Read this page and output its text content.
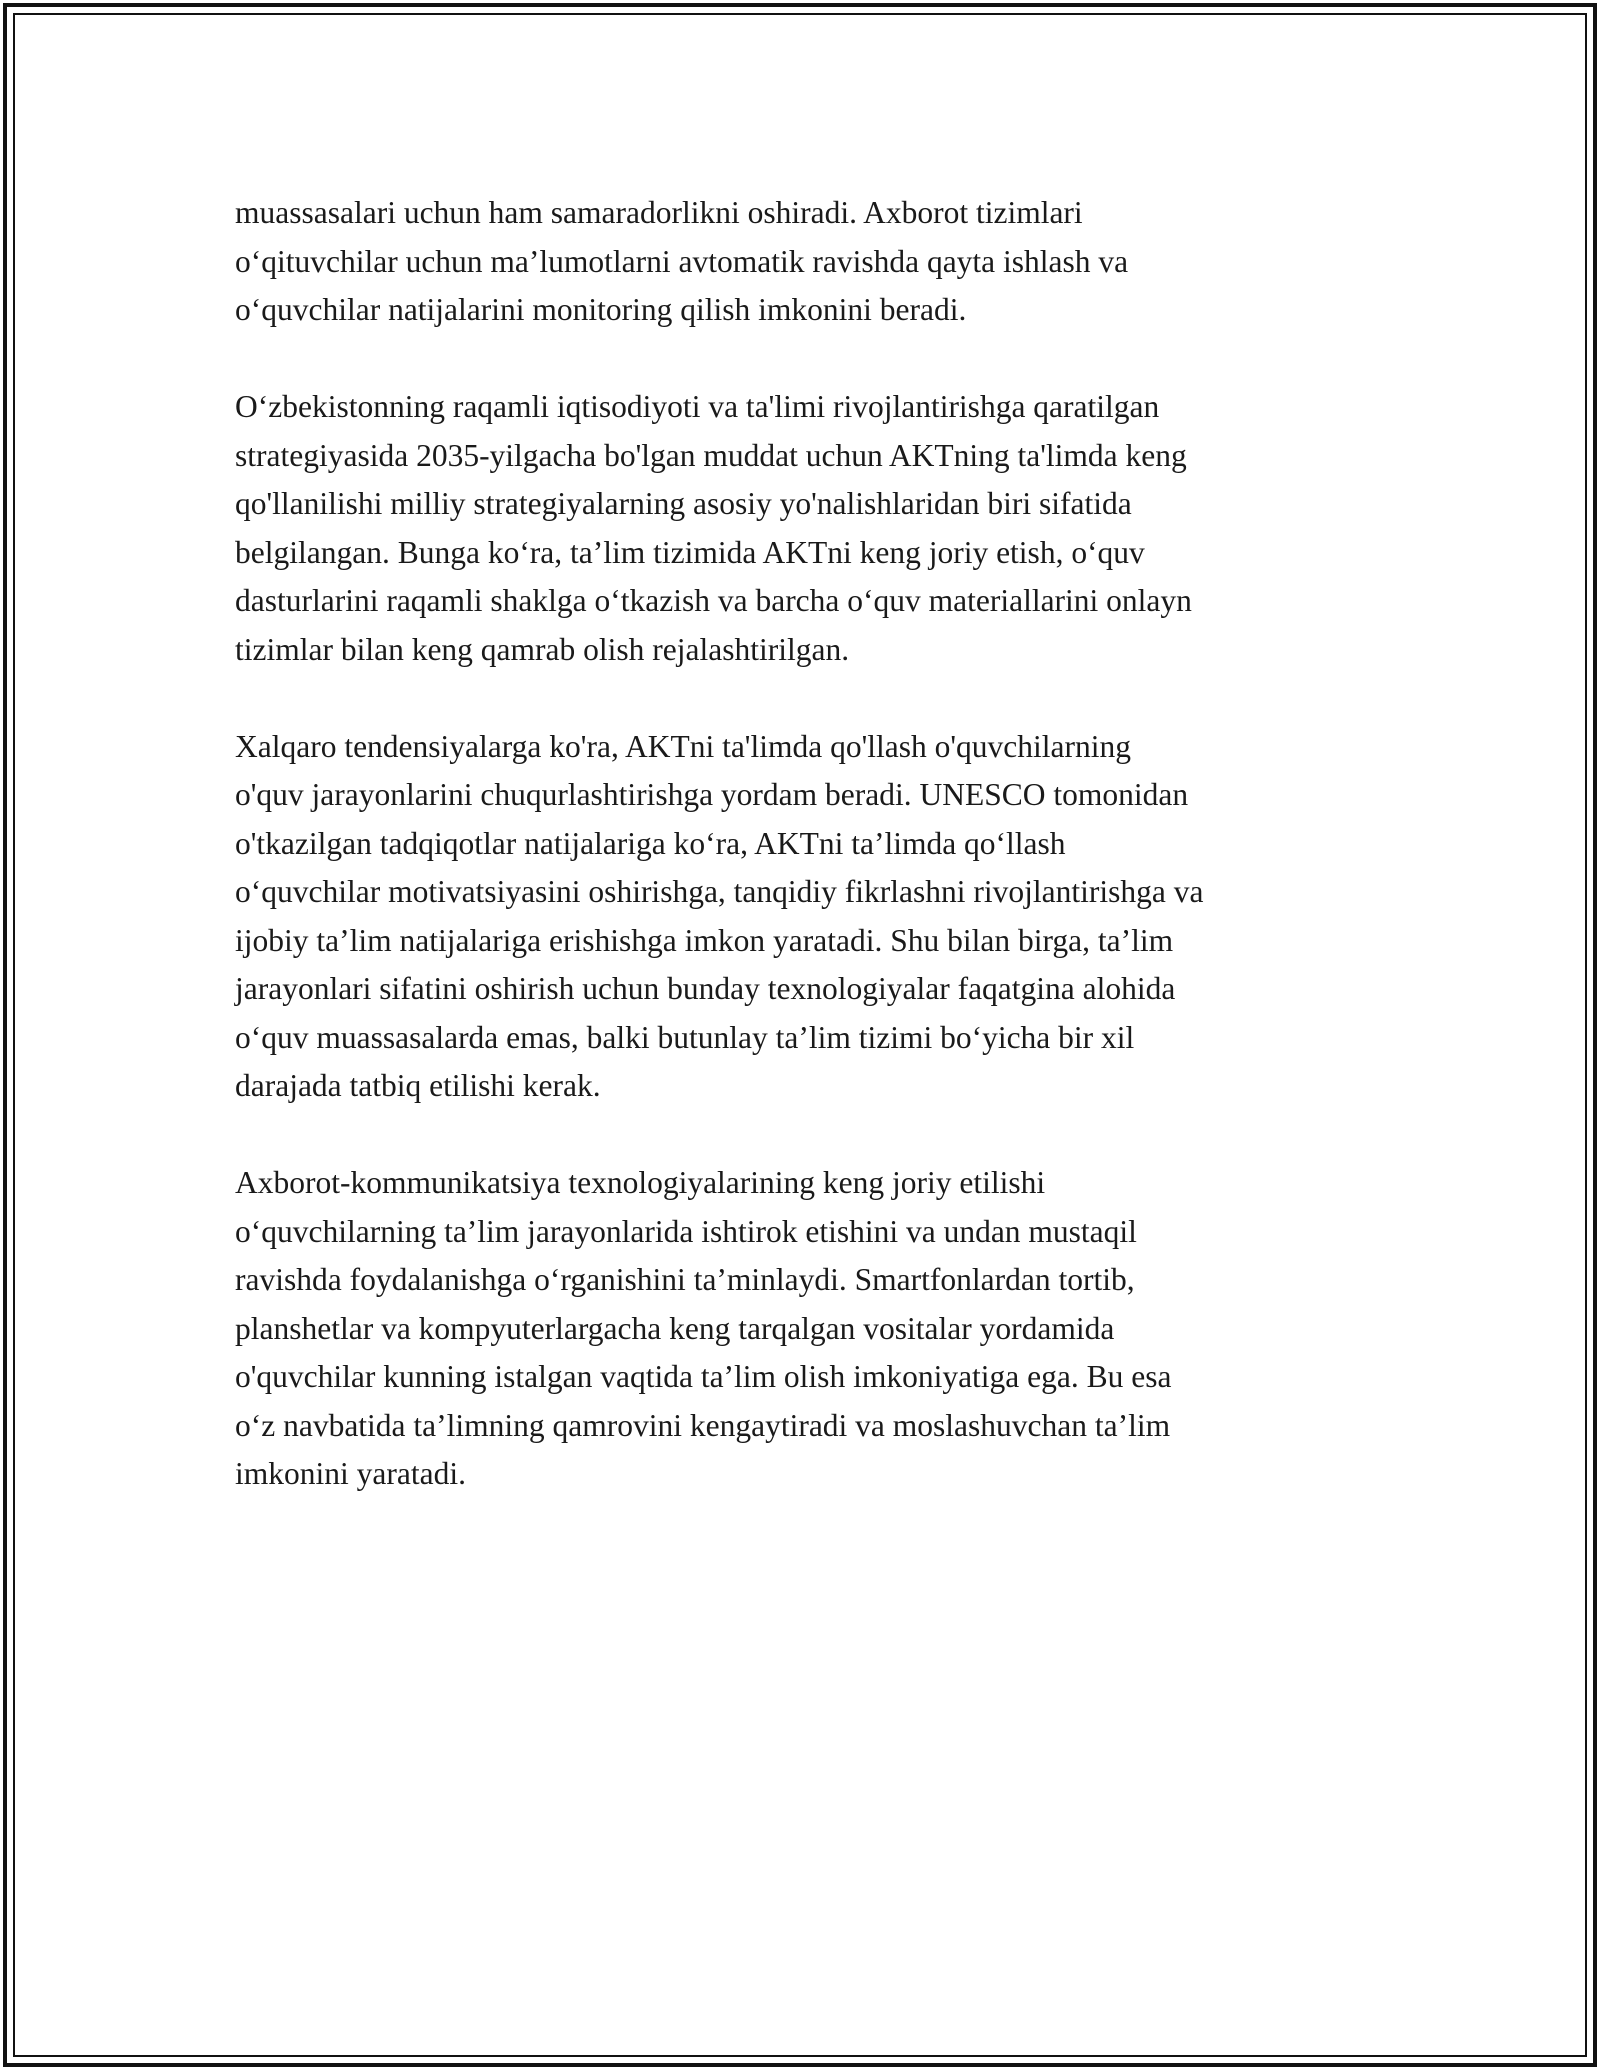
muassasalari uchun ham samaradorlikni oshiradi. Axborot tizimlari
o‘qituvchilar uchun ma’lumotlarni avtomatik ravishda qayta ishlash va
o‘quvchilar natijalarini monitoring qilish imkonini beradi.

O‘zbekistonning raqamli iqtisodiyoti va ta'limi rivojlantirishga qaratilgan
strategiyasida 2035-yilgacha bo'lgan muddat uchun AKTning ta'limda keng
qo'llanilishi milliy strategiyalarning asosiy yo'nalishlaridan biri sifatida
belgilangan. Bunga ko‘ra, ta’lim tizimida AKTni keng joriy etish, o‘quv
dasturlarini raqamli shaklga o‘tkazish va barcha o‘quv materiallarini onlayn
tizimlar bilan keng qamrab olish rejalashtirilgan.

Xalqaro tendensiyalarga ko'ra, AKTni ta'limda qo'llash o'quvchilarning
o'quv jarayonlarini chuqurlashtirishga yordam beradi. UNESCO tomonidan
o'tkazilgan tadqiqotlar natijalariga ko‘ra, AKTni ta’limda qo‘llash
o‘quvchilar motivatsiyasini oshirishga, tanqidiy fikrlashni rivojlantirishga va
ijobiy ta’lim natijalariga erishishga imkon yaratadi. Shu bilan birga, ta’lim
jarayonlari sifatini oshirish uchun bunday texnologiyalar faqatgina alohida
o‘quv muassasalarda emas, balki butunlay ta’lim tizimi bo‘yicha bir xil
darajada tatbiq etilishi kerak.

Axborot-kommunikatsiya texnologiyalarining keng joriy etilishi
o‘quvchilarning ta’lim jarayonlarida ishtirok etishini va undan mustaqil
ravishda foydalanishga o‘rganishini ta’minlaydi. Smartfonlardan tortib,
planshetlar va kompyuterlargacha keng tarqalgan vositalar yordamida
o'quvchilar kunning istalgan vaqtida ta’lim olish imkoniyatiga ega. Bu esa
o‘z navbatida ta’limning qamrovini kengaytiradi va moslashuvchan ta’lim
imkonini yaratadi.
